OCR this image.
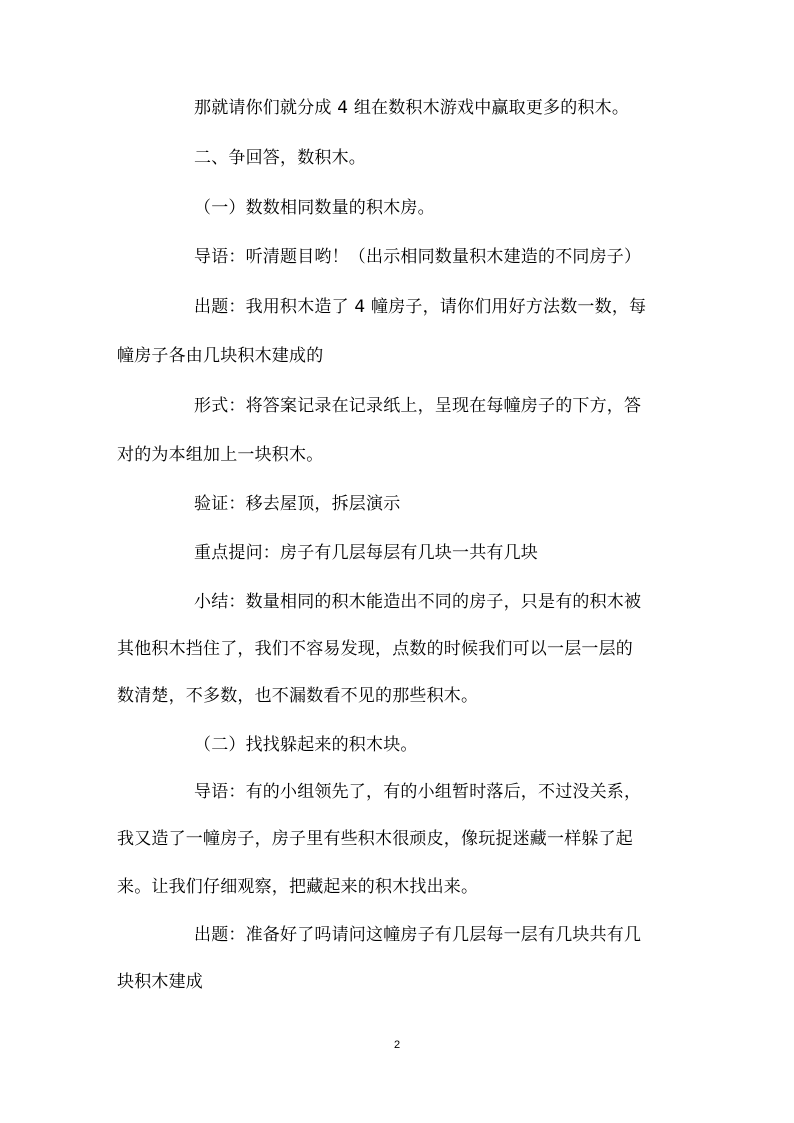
那就请你们就分成 4 组在数积木游戏中赢取更多的积木。
二、争回答，数积木。
（一）数数相同数量的积木房。
导语：听清题目哟！（出示相同数量积木建造的不同房子）
出题：我用积木造了 4 幢房子，请你们用好方法数一数，每
幢房子各由几块积木建成的
形式：将答案记录在记录纸上，呈现在每幢房子的下方，答
对的为本组加上一块积木。
验证：移去屋顶，拆层演示
重点提问：房子有几层每层有几块一共有几块
小结：数量相同的积木能造出不同的房子，只是有的积木被
其他积木挡住了，我们不容易发现，点数的时候我们可以一层一层的
数清楚，不多数，也不漏数看不见的那些积木。
（二）找找躲起来的积木块。
导语：有的小组领先了，有的小组暂时落后，不过没关系，
我又造了一幢房子，房子里有些积木很顽皮，像玩捉迷藏一样躲了起
来。让我们仔细观察，把藏起来的积木找出来。
出题：准备好了吗请问这幢房子有几层每一层有几块共有几
块积木建成
2
